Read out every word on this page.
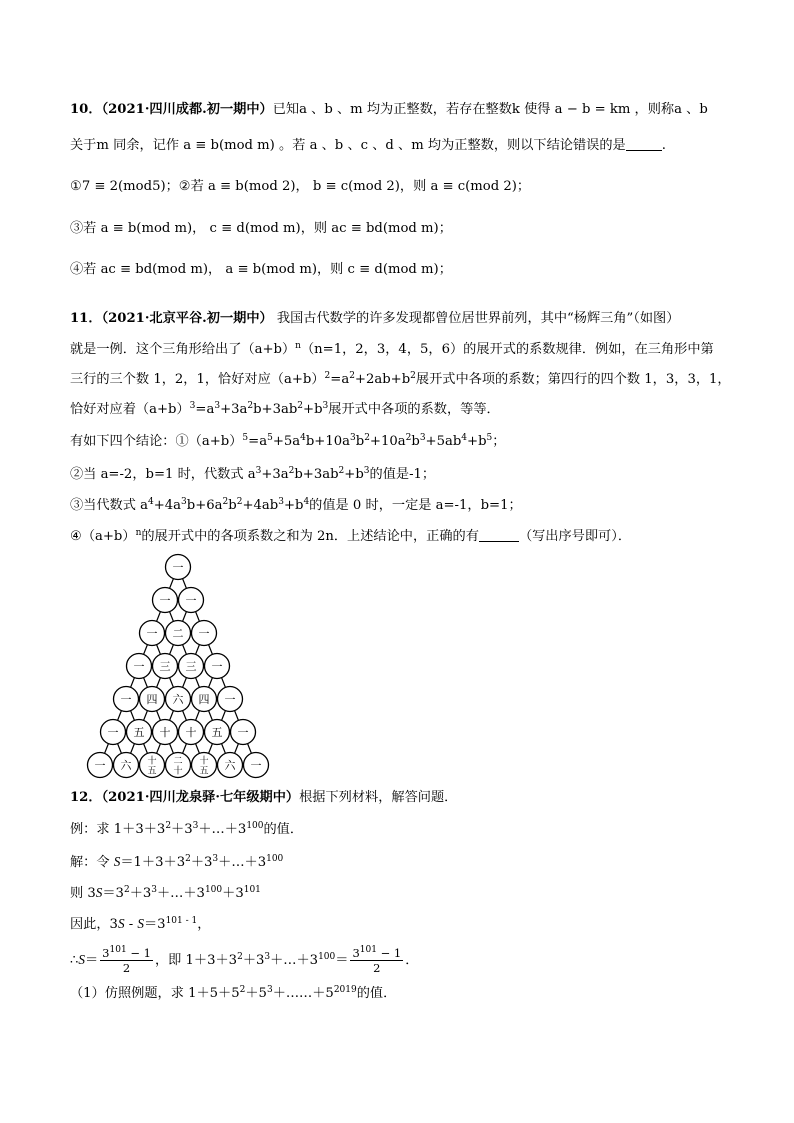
10．（2021·四川成都.初一期中）已知a 、b 、m 均为正整数，若存在整数k 使得 a − b = km ，则称a 、b
关于m 同余，记作 a ≡ b(mod m) 。若 a 、b 、c 、d 、m 均为正整数，则以下结论错误的是	.
①7 ≡ 2(mod5)；②若 a ≡ b(mod 2)， b ≡ c(mod 2)，则 a ≡ c(mod 2)；
③若 a ≡ b(mod m)， c ≡ d(mod m)，则 ac ≡ bd(mod m)；
④若 ac ≡ bd(mod m)， a ≡ b(mod m)，则 c ≡ d(mod m)；
11．（2021·北京平谷.初一期中） 我国古代数学的许多发现都曾位居世界前列，其中“杨辉三角”（如图）
就是一例．这个三角形给出了$(a+b)^n(n=1$，2，3，4，5，6）的展开式的系数规律．例如，在三角形中第
三行的三个数 1，2，1，恰好对应$(a+b)^2=a^2+2ab+b^2$展开式中各项的系数；第四行的四个数 1，3，3，1，
恰好对应着$(a+b)^3=a^3+3a^2b+3ab^2+b^3$展开式中各项的系数，等等．
有如下四个结论：$①(a+b)^5=a^5+5a^4b+10a^3b^2+10a^2b^3+5ab^4+b^5$；
②当 a=-2，b=1 时，代数式 $a^3+3a^2b+3ab^2+b^3$的值是-1；
③当代数式 $a^4+4a^3b+6a^2b^2+4ab^3+b^4$的值是 0 时，一定是 a=-1，b=1；
$④(a+b)^n$的展开式中的各项系数之和为 2n．上述结论中，正确的有	（写出序号即可）．
一
一 一
一 二 一
一 三 三 一
一 四 六 四 一
一 五 十 十 五 一
一 六 十
五
二
十
十
五 六 一
12．（2021·四川龙泉驿·七年级期中）根据下列材料，解答问题．
例：求 $1+3+3^2+3^3+\dots+3^{100}$的值．
解：令 $S=1+3+3^2+3^3+\dots+3^{100}$
则 $3S=3^2+3^3+\dots+3^{100}+3^{101}$
因此，$3S - S=3^{101 - 1}$，
∴S＝ $\frac{3^{101} - 1}{2}$ ，即 $1+3+3^2+3^3+\dots+3^{100}= \frac{3^{101} - 1}{2}$ ．
（1）仿照例题，求 $1+5+5^2+5^3+\dots\dots+5^{2019}$的值．
